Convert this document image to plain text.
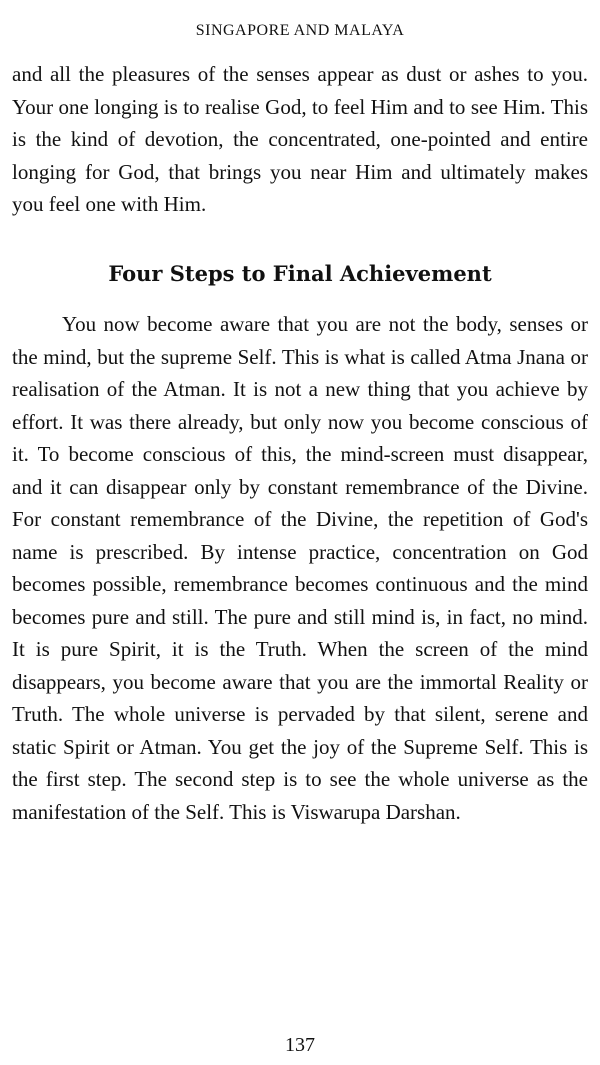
SINGAPORE AND MALAYA

and all the pleasures of the senses appear as dust or ashes to you. Your one longing is to realise God, to feel Him and to see Him. This is the kind of devotion, the concentrated, one-pointed and entire longing for God, that brings you near Him and ultimately makes you feel one with Him.

Four Steps to Final Achievement

You now become aware that you are not the body, senses or the mind, but the supreme Self. This is what is called Atma Jnana or realisation of the Atman. It is not a new thing that you achieve by effort. It was there already, but only now you become conscious of it. To become conscious of this, the mind-screen must disappear, and it can disappear only by constant remembrance of the Divine. For constant remembrance of the Divine, the repetition of God's name is prescribed. By intense practice, concentration on God becomes possible, remembrance becomes continuous and the mind becomes pure and still. The pure and still mind is, in fact, no mind. It is pure Spirit, it is the Truth. When the screen of the mind disappears, you become aware that you are the immortal Reality or Truth. The whole universe is pervaded by that silent, serene and static Spirit or Atman. You get the joy of the Supreme Self. This is the first step. The second step is to see the whole universe as the manifestation of the Self. This is Viswarupa Darshan.

137
